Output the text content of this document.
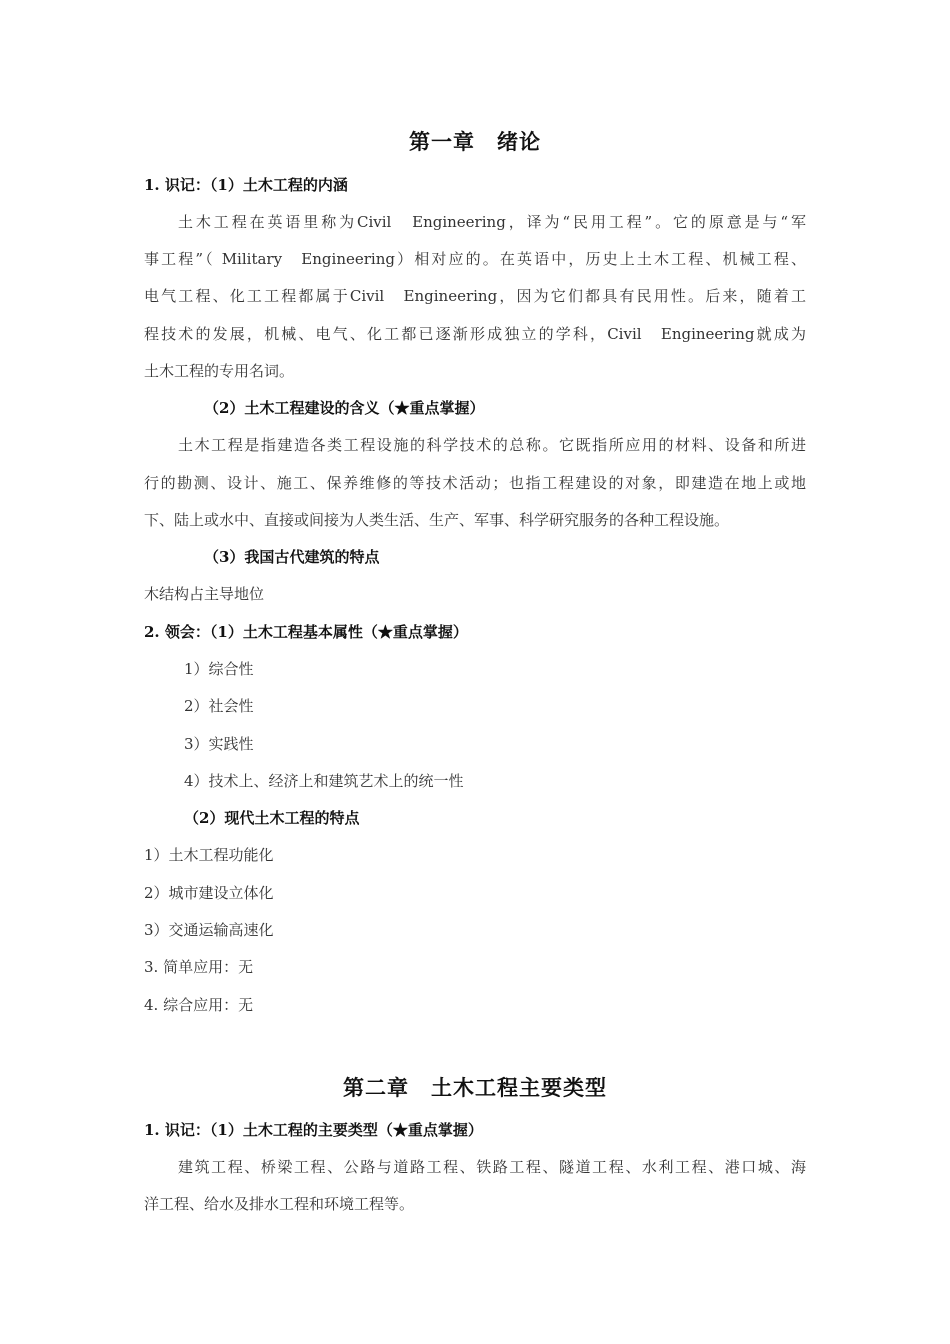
第一章　绪论
1. 识记：（1）土木工程的内涵
土木工程在英语里称为Civil　Engineering，译为“民用工程”。它的原意是与“军
事工程”（ Military　Engineering）相对应的。在英语中，历史上土木工程、机械工程、
电气工程、化工工程都属于Civil　Engineering，因为它们都具有民用性。后来，随着工
程技术的发展，机械、电气、化工都已逐渐形成独立的学科，Civil　Engineering就成为
土木工程的专用名词。
（2）土木工程建设的含义（★重点掌握）
土木工程是指建造各类工程设施的科学技术的总称。它既指所应用的材料、设备和所进
行的勘测、设计、施工、保养维修的等技术活动；也指工程建设的对象，即建造在地上或地
下、陆上或水中、直接或间接为人类生活、生产、军事、科学研究服务的各种工程设施。
（3）我国古代建筑的特点
木结构占主导地位
2. 领会：（1）土木工程基本属性（★重点掌握）
1）综合性
2）社会性
3）实践性
4）技术上、经济上和建筑艺术上的统一性
（2）现代土木工程的特点
1）土木工程功能化
2）城市建设立体化
3）交通运输高速化
3. 简单应用：无
4. 综合应用：无
第二章　土木工程主要类型
1. 识记：（1）土木工程的主要类型（★重点掌握）
建筑工程、桥梁工程、公路与道路工程、铁路工程、隧道工程、水利工程、港口城、海
洋工程、给水及排水工程和环境工程等。
